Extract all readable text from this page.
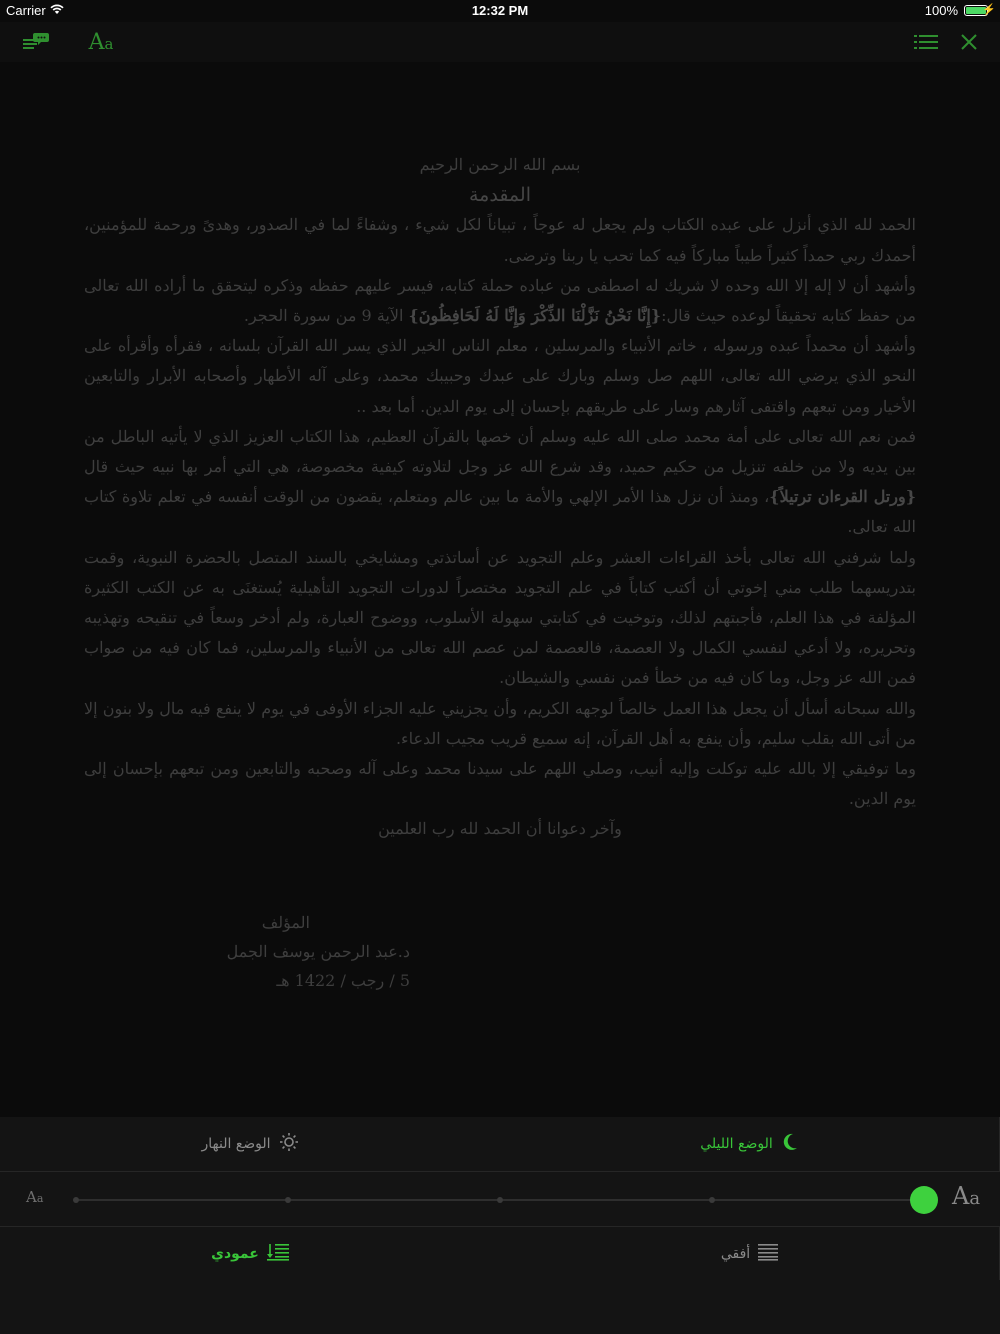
Carrier	12:32 PM	100% ⚡
Aa

بسم الله الرحمن الرحيم

المقدمة

الحمد لله الذي أنزل على عبده الكتاب ولم يجعل له عوجاً ، تبياناً لكل شيء ، وشفاءً لما في الصدور، وهدىً ورحمة للمؤمنين، أحمدك ربي حمداً كثيراً طيباً مباركاً فيه كما تحب يا ربنا وترضى.

وأشهد أن لا إله إلا الله وحده لا شريك له اصطفى من عباده حملة كتابه، فيسر عليهم حفظه وذكره ليتحقق ما أراده الله تعالى من حفظ كتابه تحقيقاً لوعده حيث قال:{إِنَّا نَحْنُ نَزَّلْنَا الذِّكْرَ وَإِنَّا لَهُ لَحَافِظُونَ} الآية 9 من سورة الحجر.

وأشهد أن محمداً عبده ورسوله ، خاتم الأنبياء والمرسلين ، معلم الناس الخير الذي يسر الله القرآن بلسانه ، فقرأه وأقرأه على النحو الذي يرضي الله تعالى، اللهم صل وسلم وبارك على عبدك وحبيبك محمد، وعلى آله الأطهار وأصحابه الأبرار والتابعين الأخيار ومن تبعهم واقتفى آثارهم وسار على طريقهم بإحسان إلى يوم الدين. أما بعد ..

فمن نعم الله تعالى على أمة محمد صلى الله عليه وسلم أن خصها بالقرآن العظيم، هذا الكتاب العزيز الذي لا يأتيه الباطل من بين يديه ولا من خلفه تنزيل من حكيم حميد، وقد شرع الله عز وجل لتلاوته كيفية مخصوصة، هي التي أمر بها نبيه حيث قال {ورتل القرءان ترتيلاً}، ومنذ أن نزل هذا الأمر الإلهي والأمة ما بين عالم ومتعلم، يقضون من الوقت أنفسه في تعلم تلاوة كتاب الله تعالى.

ولما شرفني الله تعالى بأخذ القراءات العشر وعلم التجويد عن أساتذتي ومشايخي بالسند المتصل بالحضرة النبوية، وقمت بتدريسهما طلب مني إخوتي أن أكتب كتاباً في علم التجويد مختصراً لدورات التجويد التأهيلية يُستغنَى به عن الكتب الكثيرة المؤلفة في هذا العلم، فأجبتهم لذلك، وتوخيت في كتابتي سهولة الأسلوب، ووضوح العبارة، ولم أدخر وسعاً في تنقيحه وتهذيبه وتحريره، ولا أدعي لنفسي الكمال ولا العصمة، فالعصمة لمن عصم الله تعالى من الأنبياء والمرسلين، فما كان فيه من صواب فمن الله عز وجل، وما كان فيه من خطأ فمن نفسي والشيطان.

والله سبحانه أسأل أن يجعل هذا العمل خالصاً لوجهه الكريم، وأن يجزيني عليه الجزاء الأوفى في يوم لا ينفع فيه مال ولا بنون إلا من أتى الله بقلب سليم، وأن ينفع به أهل القرآن، إنه سميع قريب مجيب الدعاء.

وما توفيقي إلا بالله عليه توكلت وإليه أنيب، وصلي اللهم على سيدنا محمد وعلى آله وصحبه والتابعين ومن تبعهم بإحسان إلى يوم الدين.

وآخر دعوانا أن الحمد لله رب العلمين

المؤلف
د.عبد الرحمن يوسف الجمل
5 / رجب / 1422 هـ
الوضع النهار	الوضع الليلي
Aa	Aa
عمودي	أفقي
